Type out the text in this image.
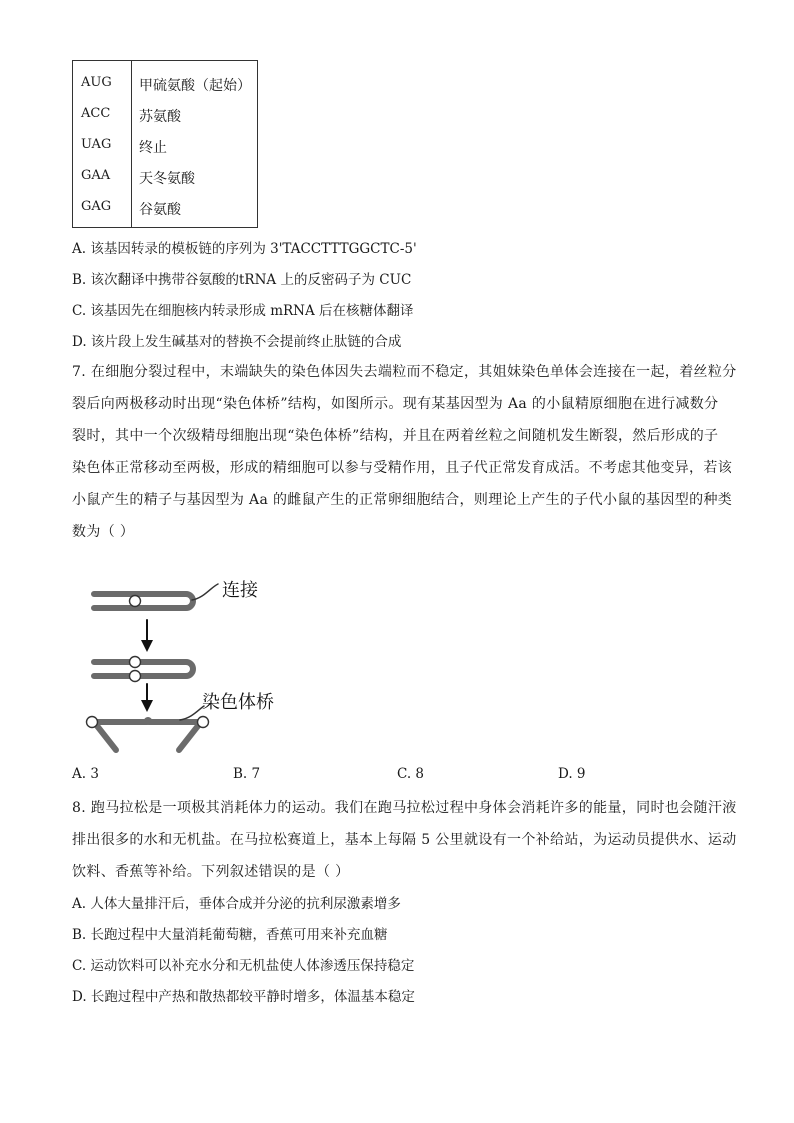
AUG 甲硫氨酸（起始）
ACC 苏氨酸
UAG 终止
GAA 天冬氨酸
GAG 谷氨酸
A. 该基因转录的模板链的序列为 3'TACCTTTGGCTC-5'
B. 该次翻译中携带谷氨酸的tRNA 上的反密码子为 CUC
C. 该基因先在细胞核内转录形成 mRNA 后在核糖体翻译
D. 该片段上发生碱基对的替换不会提前终止肽链的合成
7. 在细胞分裂过程中，末端缺失的染色体因失去端粒而不稳定，其姐妹染色单体会连接在一起，着丝粒分
裂后向两极移动时出现“染色体桥”结构，如图所示。现有某基因型为 Aa 的小鼠精原细胞在进行减数分
裂时，其中一个次级精母细胞出现“染色体桥”结构，并且在两着丝粒之间随机发生断裂，然后形成的子
染色体正常移动至两极，形成的精细胞可以参与受精作用，且子代正常发育成活。不考虑其他变异，若该
小鼠产生的精子与基因型为 Aa 的雌鼠产生的正常卵细胞结合，则理论上产生的子代小鼠的基因型的种类
数为（ ）
连接
染色体桥
A. 3	B. 7	C. 8	D. 9
8. 跑马拉松是一项极其消耗体力的运动。我们在跑马拉松过程中身体会消耗许多的能量，同时也会随汗液
排出很多的水和无机盐。在马拉松赛道上，基本上每隔 5 公里就设有一个补给站，为运动员提供水、运动
饮料、香蕉等补给。下列叙述错误的是（ ）
A. 人体大量排汗后，垂体合成并分泌的抗利尿激素增多
B. 长跑过程中大量消耗葡萄糖，香蕉可用来补充血糖
C. 运动饮料可以补充水分和无机盐使人体渗透压保持稳定
D. 长跑过程中产热和散热都较平静时增多，体温基本稳定
